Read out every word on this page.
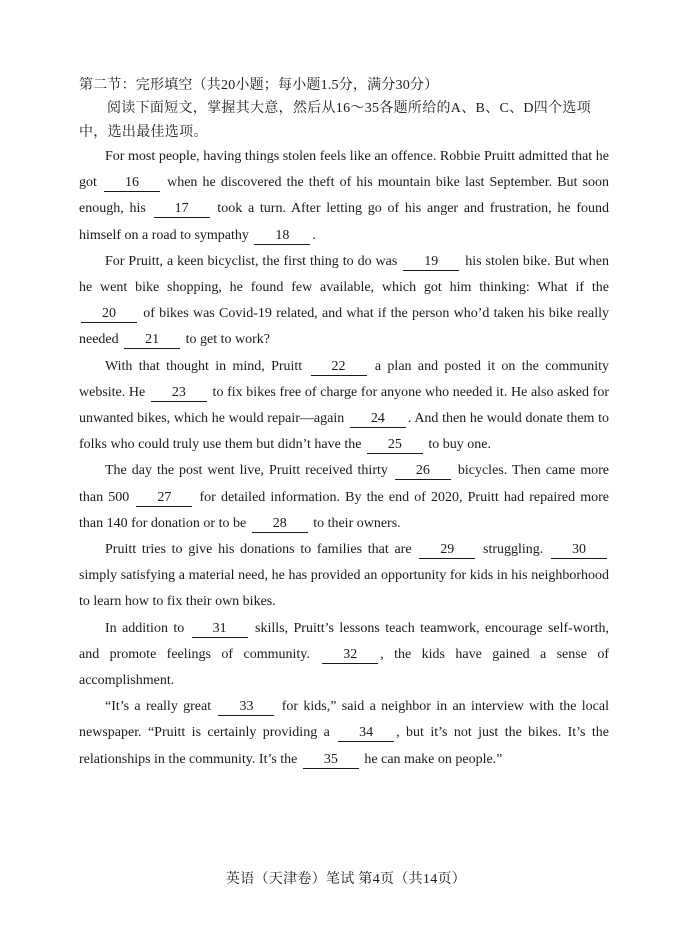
第二节：完形填空（共20小题；每小题1.5分，满分30分）
阅读下面短文，掌握其大意，然后从16～35各题所给的A、B、C、D四个选项中，选出最佳选项。

For most people, having things stolen feels like an offence. Robbie Pruitt admitted that he got 16 when he discovered the theft of his mountain bike last September. But soon enough, his 17 took a turn. After letting go of his anger and frustration, he found himself on a road to sympathy 18 .

For Pruitt, a keen bicyclist, the first thing to do was 19 his stolen bike. But when he went bike shopping, he found few available, which got him thinking: What if the 20 of bikes was Covid-19 related, and what if the person who’d taken his bike really needed 21 to get to work?

With that thought in mind, Pruitt 22 a plan and posted it on the community website. He 23 to fix bikes free of charge for anyone who needed it. He also asked for unwanted bikes, which he would repair—again 24 . And then he would donate them to folks who could truly use them but didn’t have the 25 to buy one.

The day the post went live, Pruitt received thirty 26 bicycles. Then came more than 500 27 for detailed information. By the end of 2020, Pruitt had repaired more than 140 for donation or to be 28 to their owners.

Pruitt tries to give his donations to families that are 29 struggling. 30 simply satisfying a material need, he has provided an opportunity for kids in his neighborhood to learn how to fix their own bikes.

In addition to 31 skills, Pruitt’s lessons teach teamwork, encourage self-worth, and promote feelings of community. 32 , the kids have gained a sense of accomplishment.

“It’s a really great 33 for kids,” said a neighbor in an interview with the local newspaper. “Pruitt is certainly providing a 34 , but it’s not just the bikes. It’s the relationships in the community. It’s the 35 he can make on people.”

英语（天津卷）笔试 第4页（共14页）
